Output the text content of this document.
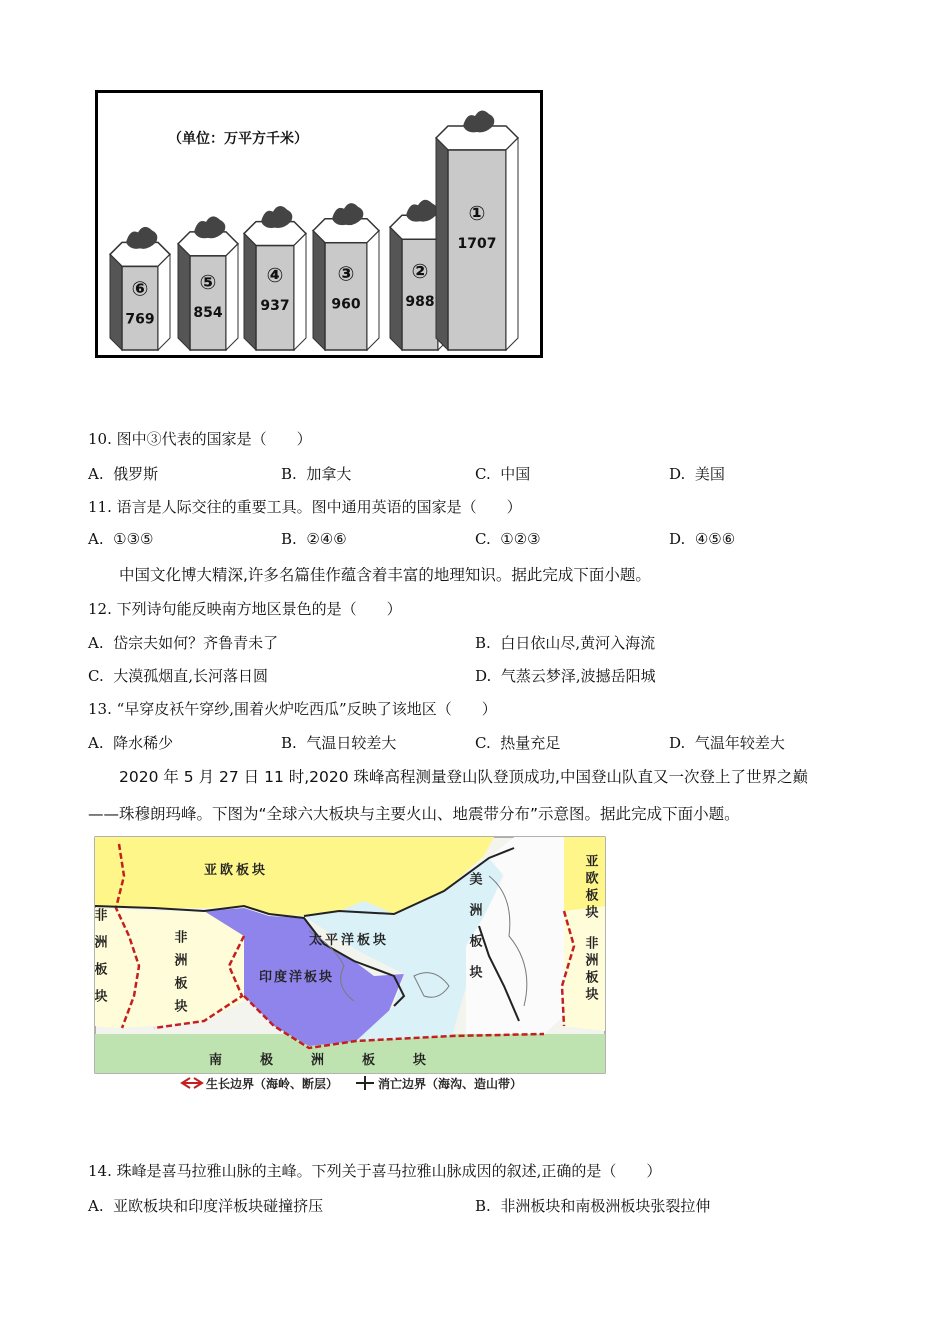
（单位：万平方千米）
⑥
769
⑤
854
④
937
③
960
②
988
①
1707
10. 图中③代表的国家是（　　）
A. 俄罗斯	B. 加拿大	C. 中国	D. 美国
11. 语言是人际交往的重要工具。图中通用英语的国家是（　　）
A. ①③⑤	B. ②④⑥	C. ①②③	D. ④⑤⑥
中国文化博大精深,许多名篇佳作蕴含着丰富的地理知识。据此完成下面小题。
12. 下列诗句能反映南方地区景色的是（　　）
A. 岱宗夫如何？齐鲁青未了	B. 白日依山尽,黄河入海流
C. 大漠孤烟直,长河落日圆	D. 气蒸云梦泽,波撼岳阳城
13. “早穿皮袄午穿纱,围着火炉吃西瓜”反映了该地区（　　）
A. 降水稀少	B. 气温日较差大	C. 热量充足	D. 气温年较差大
2020 年 5 月 27 日 11 时,2020 珠峰高程测量登山队登顶成功,中国登山队直又一次登上了世界之巅
——珠穆朗玛峰。下图为“全球六大板块与主要火山、地震带分布”示意图。据此完成下面小题。
亚欧板块
太平洋板块
印度洋板块
南极洲板块
非洲板块
非洲板块	美洲板块	亚欧板块
非洲板块
生长边界（海岭、断层）	消亡边界（海沟、造山带）
14. 珠峰是喜马拉雅山脉的主峰。下列关于喜马拉雅山脉成因的叙述,正确的是（　　）
A. 亚欧板块和印度洋板块碰撞挤压	B. 非洲板块和南极洲板块张裂拉伸
